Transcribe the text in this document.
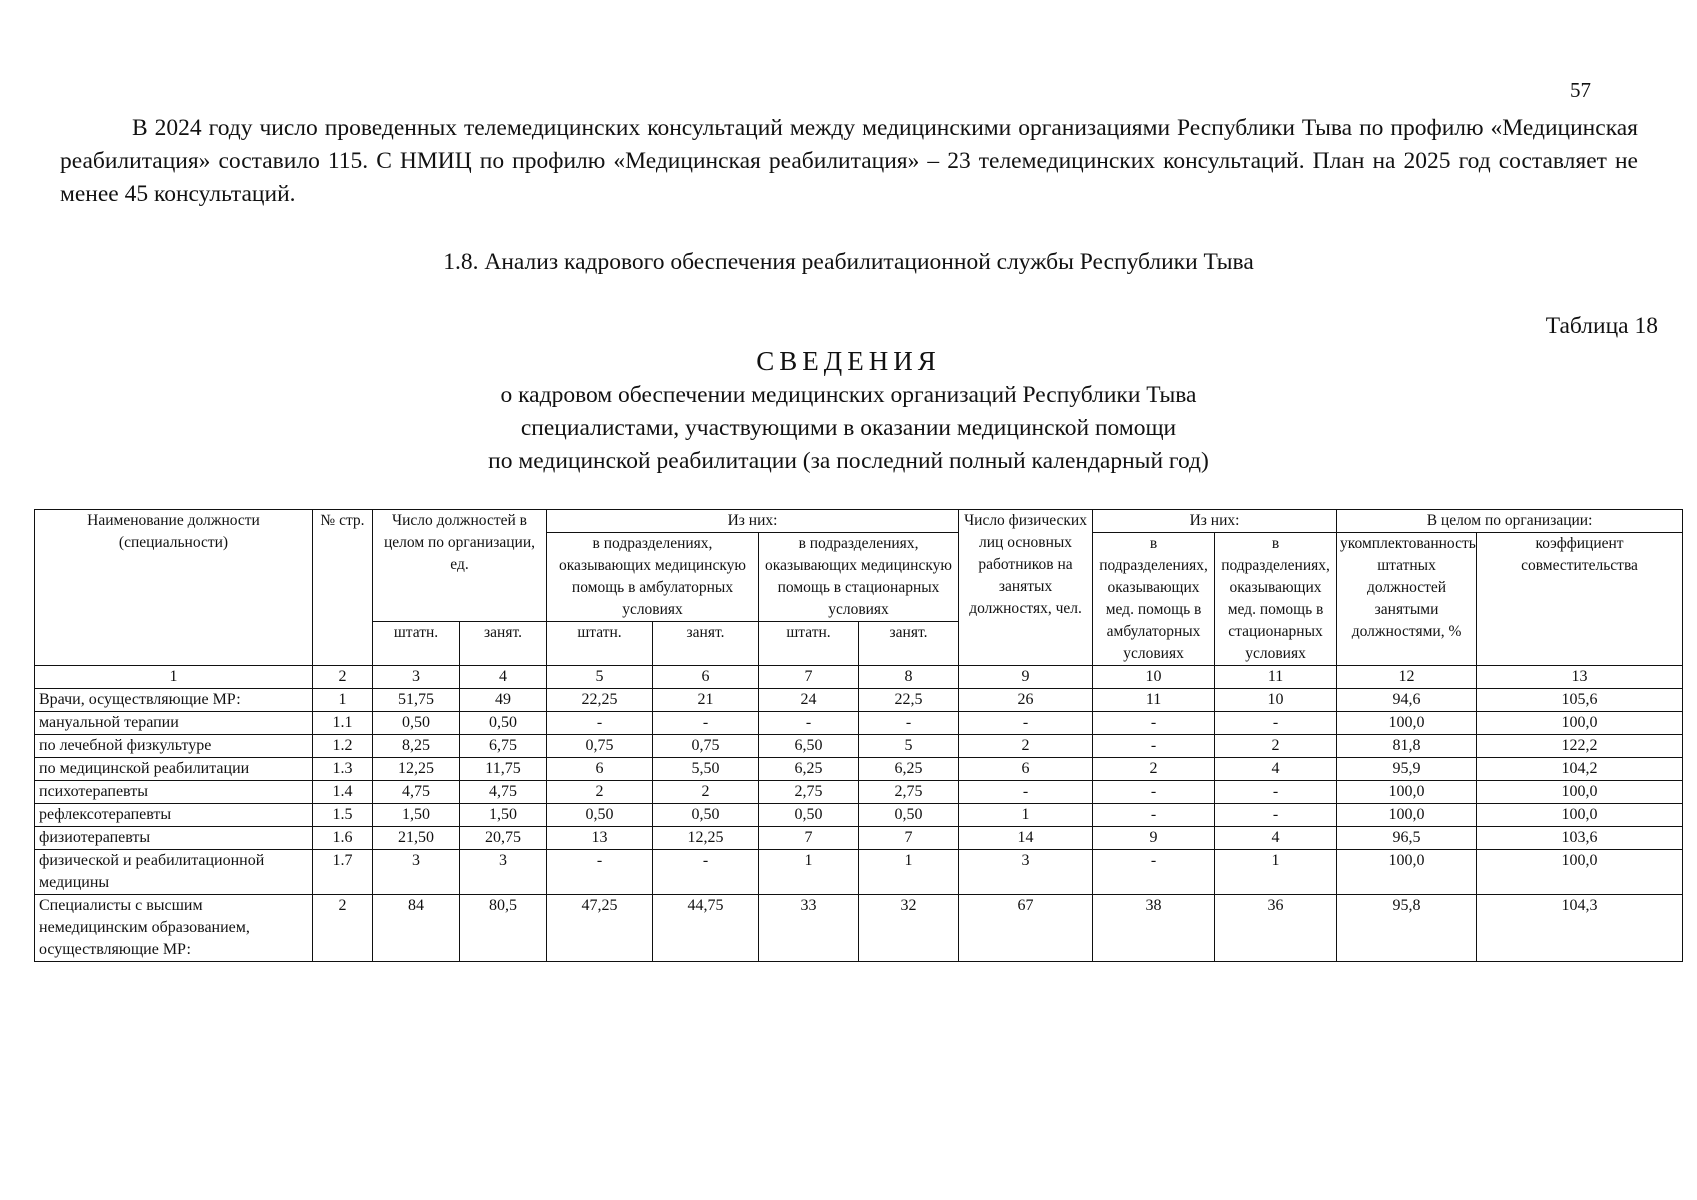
57

В 2024 году число проведенных телемедицинских консультаций между медицинскими организациями Республики Тыва по профилю «Медицинская реабилитация» составило 115. С НМИЦ по профилю «Медицинская реабилитация» – 23 телемедицинских консультаций. План на 2025 год составляет не менее 45 консультаций.

1.8. Анализ кадрового обеспечения реабилитационной службы Республики Тыва
Таблица 18
СВЕДЕНИЯ
о кадровом обеспечении медицинских организаций Республики Тыва
специалистами, участвующими в оказании медицинской помощи
по медицинской реабилитации (за последний полный календарный год)
Наименование должности (специальности)	№ стр.	Число должностей в целом по организации, ед.		Из них:				Число физических лиц основных работников на занятых должностях, чел.	Из них:		В целом по организации:	
				в подразделениях, оказывающих медицинскую помощь в амбулаторных условиях		в подразделениях, оказывающих медицинскую помощь в стационарных условиях			в подразделениях, оказывающих мед. помощь в амбулаторных условиях	в подразделениях, оказывающих мед. помощь в стационарных условиях	укомплектованность штатных должностей занятыми должностями, %	коэффициент совместительства
		штатн.	занят.	штатн.	занят.	штатн.	занят.					
1	2	3	4	5	6	7	8	9	10	11	12	13
Врачи, осуществляющие МР:	1	51,75	49	22,25	21	24	22,5	26	11	10	94,6	105,6
мануальной терапии	1.1	0,50	0,50	-	-	-	-	-	-	-	100,0	100,0
по лечебной физкультуре	1.2	8,25	6,75	0,75	0,75	6,50	5	2	-	2	81,8	122,2
по медицинской реабилитации	1.3	12,25	11,75	6	5,50	6,25	6,25	6	2	4	95,9	104,2
психотерапевты	1.4	4,75	4,75	2	2	2,75	2,75	-	-	-	100,0	100,0
рефлексотерапевты	1.5	1,50	1,50	0,50	0,50	0,50	0,50	1	-	-	100,0	100,0
физиотерапевты	1.6	21,50	20,75	13	12,25	7	7	14	9	4	96,5	103,6
физической и реабилитационной медицины	1.7	3	3	-	-	1	1	3	-	1	100,0	100,0
Специалисты с высшим немедицинским образованием, осуществляющие МР:	2	84	80,5	47,25	44,75	33	32	67	38	36	95,8	104,3
